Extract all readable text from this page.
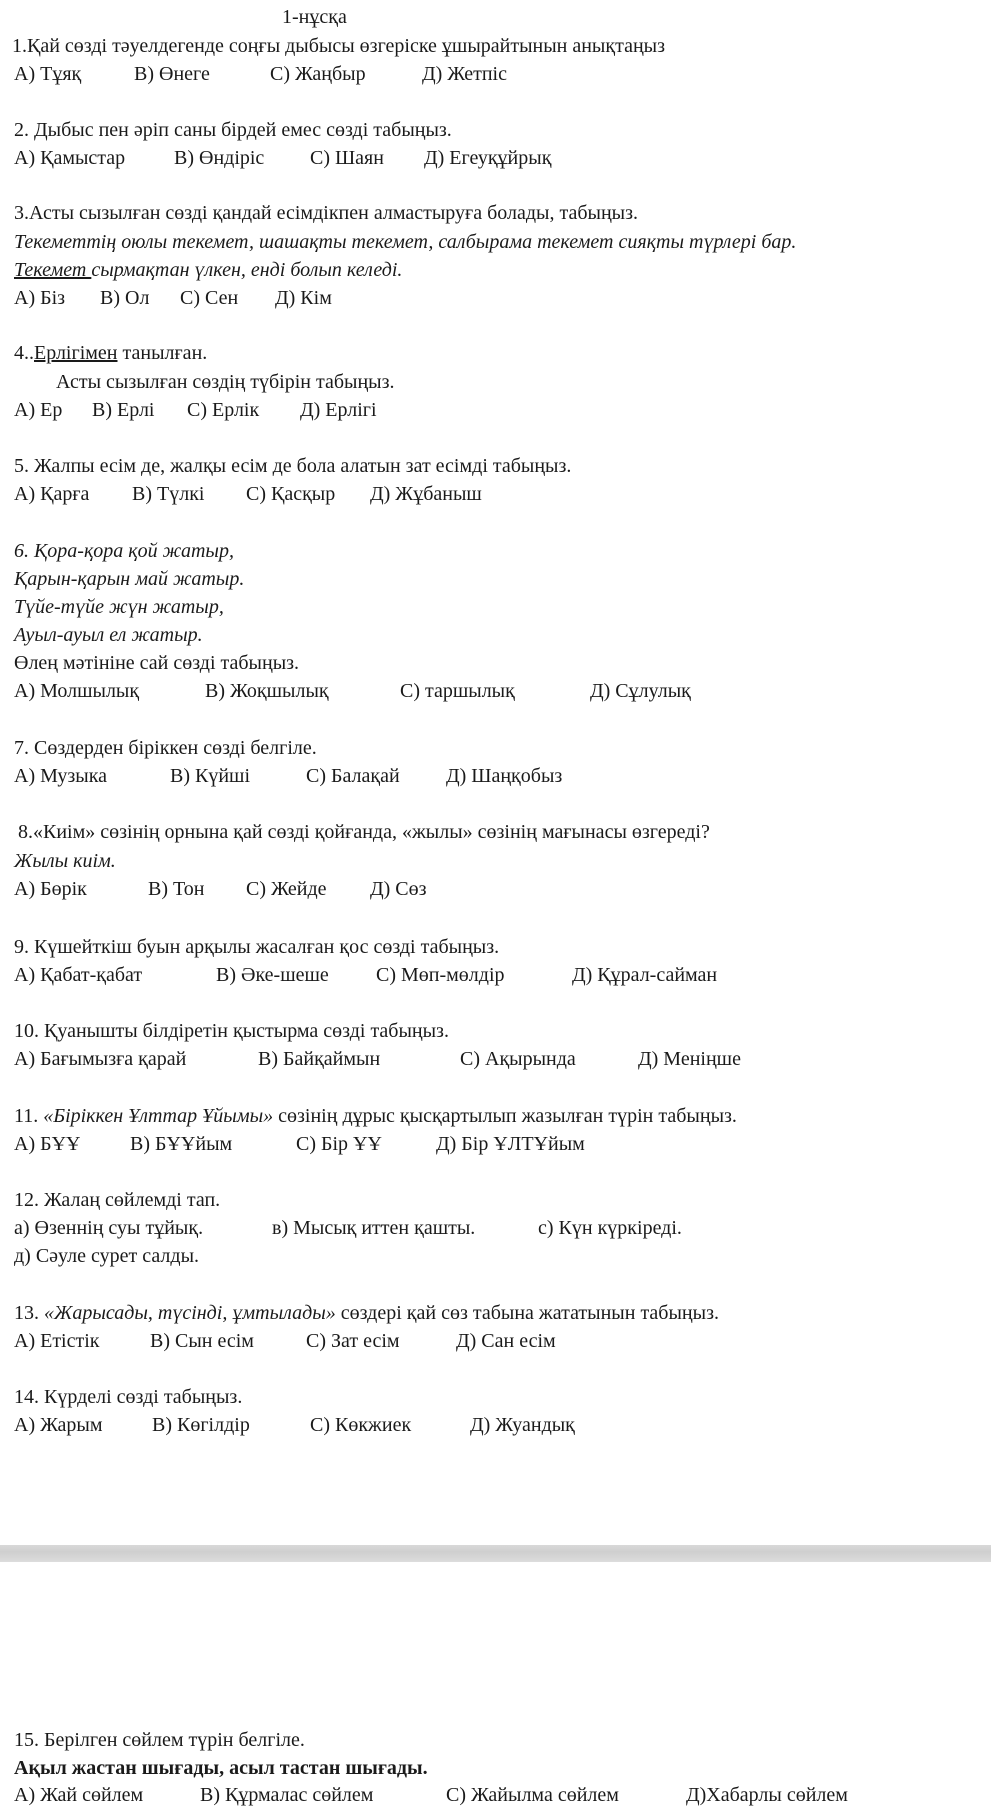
1-нұсқа
1.Қай сөзді тәуелдегенде соңғы дыбысы өзгеріске ұшырайтынын анықтаңыз
А) Тұяқ	В) Өнеге	С) Жаңбыр	Д) Жетпіс
2. Дыбыс пен әріп саны бірдей емес сөзді табыңыз.
А) Қамыстар В) Өндіріс С) Шаян Д) Егеуқұйрық
3.Асты сызылған сөзді қандай есімдікпен алмастыруға болады, табыңыз.
Текеметтің оюлы текемет, шашақты текемет, салбырама текемет сияқты түрлері бар.
Текемет сырмақтан үлкен, енді болып келеді.
А) Біз В) Ол С) Сен Д) Кім
4..Ерлігімен танылған.
Асты сызылған сөздің түбірін табыңыз.
А) Ер В) Ерлі С) Ерлік Д) Ерлігі
5. Жалпы есім де, жалқы есім де бола алатын зат есімді табыңыз.
А) Қарға В) Түлкі С) Қасқыр Д) Жұбаныш
6. Қора-қора қой жатыр,
Қарын-қарын май жатыр.
Түйе-түйе жүн жатыр,
Ауыл-ауыл ел жатыр.
Өлең мәтініне сай сөзді табыңыз.
А) Молшылық	В) Жоқшылық	С) таршылық	Д) Сұлулық
7. Сөздерден біріккен сөзді белгіле.
А) Музыка	В) Күйші	С) Балақай Д) Шаңқобыз
8.«Киім» сөзінің орнына қай сөзді қойғанда, «жылы» сөзінің мағынасы өзгереді?
Жылы киім.
А) Бөрік	В) Тон С) Жейде Д) Сөз
9. Күшейткіш буын арқылы жасалған қос сөзді табыңыз.
А) Қабат-қабат	В) Әке-шеше С) Мөп-мөлдір	Д) Құрал-сайман
10. Қуанышты білдіретін қыстырма сөзді табыңыз.
А) Бағымызға қарай	В) Байқаймын	С) Ақырында	Д) Меніңше
11. «Біріккен Ұлттар Ұйымы» сөзінің дұрыс қысқартылып жазылған түрін табыңыз.
А) БҰҰ В) БҰҰйым	С) Бір ҰҰ	Д) Бір ҰЛТҰйым
12. Жалаң сөйлемді тап.
а) Өзеннің суы тұйық.	в) Мысық иттен қашты.	с) Күн күркіреді.
д) Сәуле сурет салды.
13. «Жарысады, түсінді, ұмтылады» сөздері қай сөз табына жататынын табыңыз.
А) Етістік	В) Сын есім	С) Зат есім	Д) Сан есім
14. Күрделі сөзді табыңыз.
А) Жарым В) Көгілдір	С) Көкжиек	Д) Жуандық
15. Берілген сөйлем түрін белгіле.
Ақыл жастан шығады, асыл тастан шығады.
А) Жай сөйлем	В) Құрмалас сөйлем	С) Жайылма сөйлем	Д)Хабарлы сөйлем
